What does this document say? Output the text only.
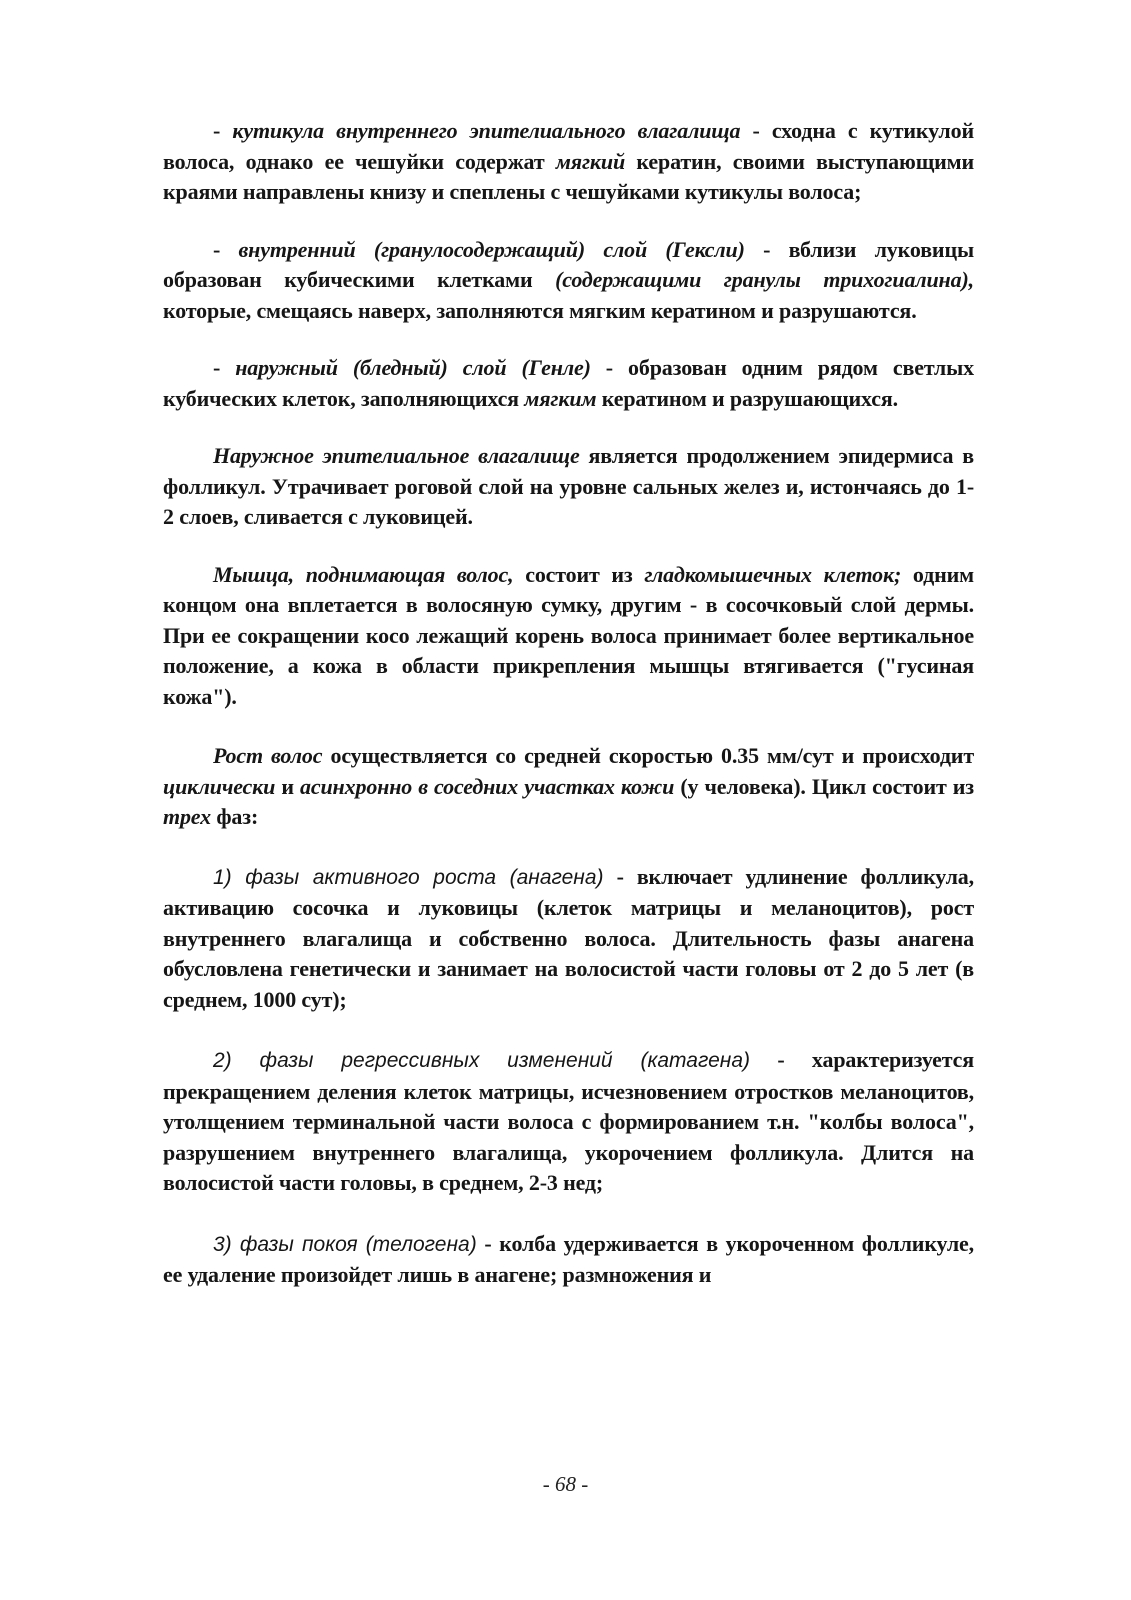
- кутикула внутреннего эпителиального влагалища - сходна с кутикулой волоса, однако ее чешуйки содержат мягкий кератин, своими выступающими краями направлены книзу и спеплены с чешуйками кутикулы волоса;

- внутренний (гранулосодержащий) слой (Гексли) - вблизи луковицы образован кубическими клетками (содержащими гранулы трихогиалина), которые, смещаясь наверх, заполняются мягким кератином и разрушаются.

- наружный (бледный) слой (Генле) - образован одним рядом светлых кубических клеток, заполняющихся мягким кератином и разрушающихся.

Наружное эпителиальное влагалище является продолжением эпидермиса в фолликул. Утрачивает роговой слой на уровне сальных желез и, истончаясь до 1-2 слоев, сливается с луковицей.

Мышца, поднимающая волос, состоит из гладкомышечных клеток; одним концом она вплетается в волосяную сумку, другим - в сосочковый слой дермы. При ее сокращении косо лежащий корень волоса принимает более вертикальное положение, а кожа в области прикрепления мышцы втягивается ("гусиная кожа").

Рост волос осуществляется со средней скоростью 0.35 мм/сут и происходит циклически и асинхронно в соседних участках кожи (у человека). Цикл состоит из трех фаз:

1) фазы активного роста (анагена) - включает удлинение фолликула, активацию сосочка и луковицы (клеток матрицы и меланоцитов), рост внутреннего влагалища и собственно волоса. Длительность фазы анагена обусловлена генетически и занимает на волосистой части головы от 2 до 5 лет (в среднем, 1000 сут);

2) фазы регрессивных изменений (катагена) - характеризуется прекращением деления клеток матрицы, исчезновением отростков меланоцитов, утолщением терминальной части волоса с формированием т.н. "колбы волоса", разрушением внутреннего влагалища, укорочением фолликула. Длится на волосистой части головы, в среднем, 2-3 нед;

3) фазы покоя (телогена) - колба удерживается в укороченном фолликуле, ее удаление произойдет лишь в анагене; размножения и

- 68 -
